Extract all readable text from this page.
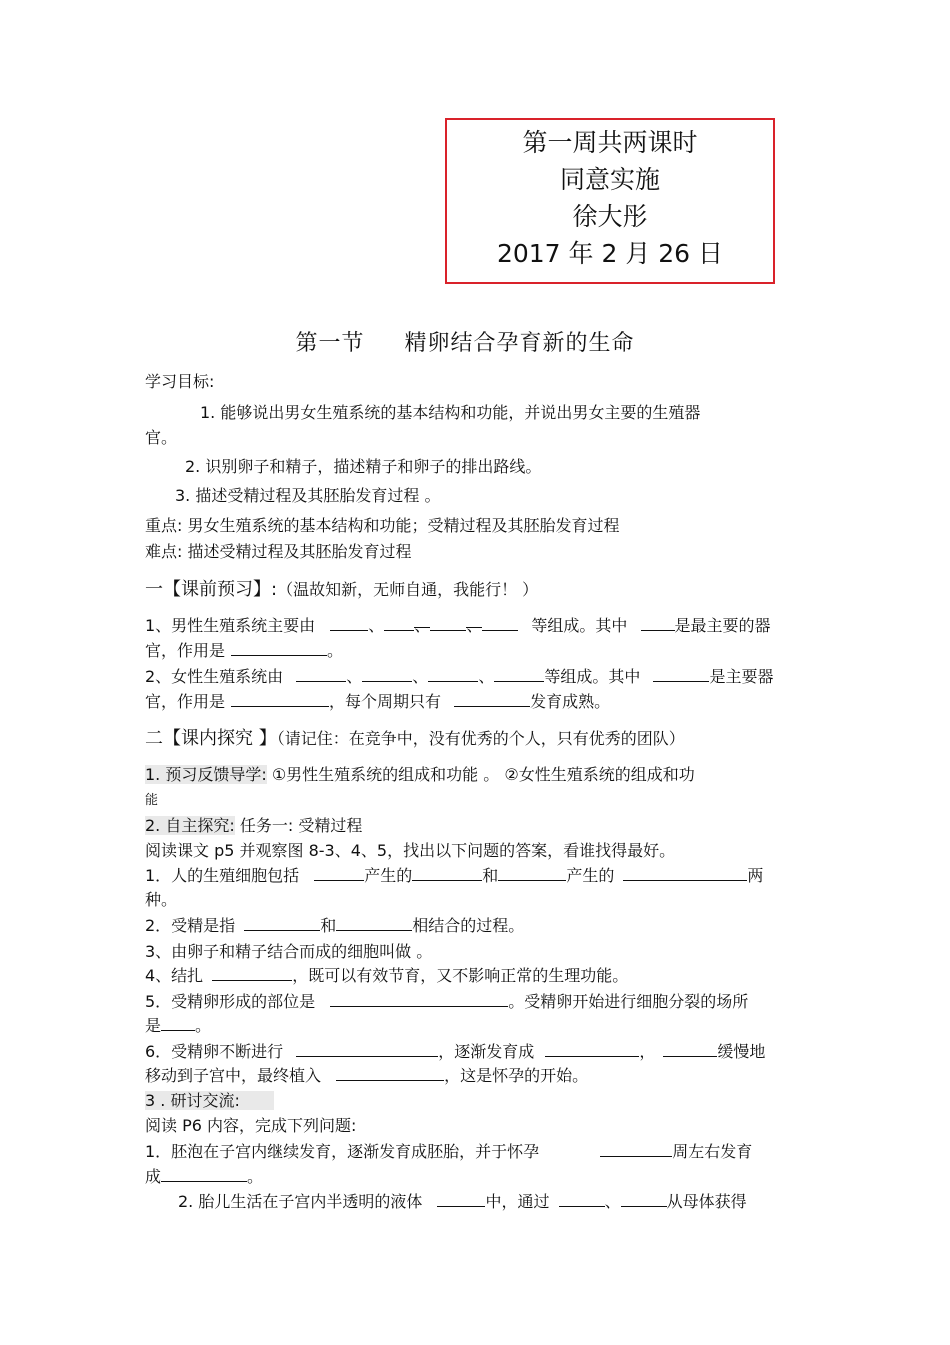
第一周共两课时
同意实施
徐大彤
2017 年 2 月 26 日
第一节 精卵结合孕育新的生命
学习目标:
1. 能够说出男女生殖系统的基本结构和功能，并说出男女主要的生殖器
官。
2. 识别卵子和精子，描述精子和卵子的排出路线。
3. 描述受精过程及其胚胎发育过程 。
重点: 男女生殖系统的基本结构和功能；受精过程及其胚胎发育过程
难点: 描述受精过程及其胚胎发育过程
一【课前预习】:（温故知新，无师自通，我能行！ ）
1、男性生殖系统主要由	、 、 、	等组成。其中	是最主要的器
官，作用是	。
2、女性生殖系统由	、	、	、	等组成。其中	是主要器
官，作用是	，每个周期只有	发育成熟。
二【课内探究 】（请记住：在竞争中，没有优秀的个人，只有优秀的团队）
1. 预习反馈导学: ①男性生殖系统的组成和功能 。 ②女性生殖系统的组成和功
能
2. 自主探究: 任务一: 受精过程
阅读课文 p5 并观察图 8-3、4、5，找出以下问题的答案，看谁找得最好。
1．人的生殖细胞包括	产生的	和	产生的	两
种。
2．受精是指	和	相结合的过程。
3、由卵子和精子结合而成的细胞叫做 。
4、结扎	，既可以有效节育，又不影响正常的生理功能。
5．受精卵形成的部位是	。受精卵开始进行细胞分裂的场所
是 。
6．受精卵不断进行	，逐渐发育成	，	缓慢地
移动到子宫中，最终植入	，这是怀孕的开始。
3 . 研讨交流:
阅读 P6 内容，完成下列问题:
1．胚泡在子宫内继续发育，逐渐发育成胚胎，并于怀孕	周左右发育
成	。
2. 胎儿生活在子宫内半透明的液体	中，通过	、	从母体获得
